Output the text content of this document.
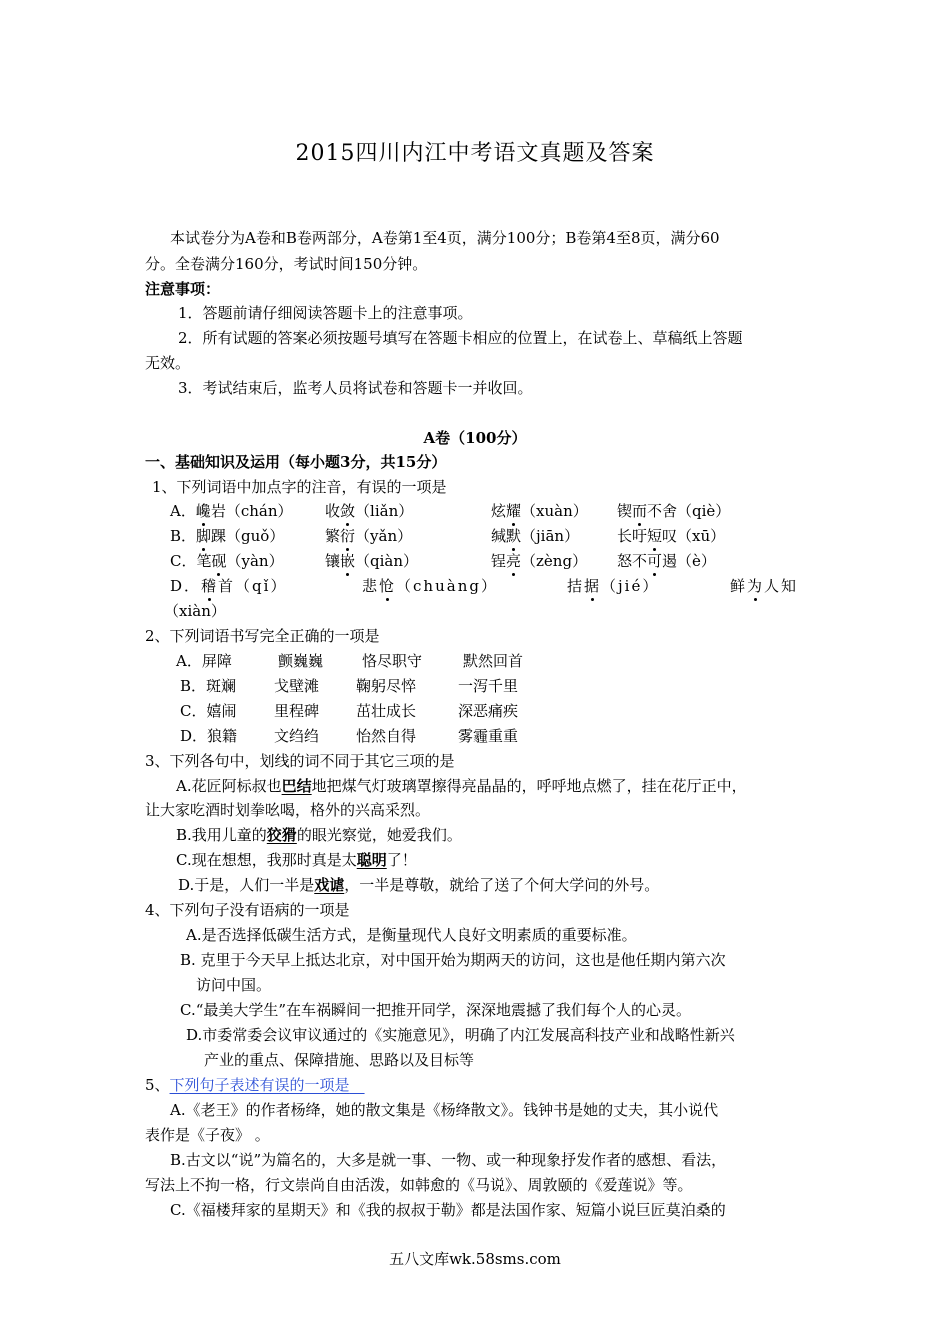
2015四川内江中考语文真题及答案
本试卷分为A卷和B卷两部分，A卷第1至4页，满分100分；B卷第4至8页，满分60
分。全卷满分160分，考试时间150分钟。
注意事项：
1．答题前请仔细阅读答题卡上的注意事项。
2．所有试题的答案必须按题号填写在答题卡相应的位置上，在试卷上、草稿纸上答题
无效。
3．考试结束后，监考人员将试卷和答题卡一并收回。
A卷（100分）
一、基础知识及运用（每小题3分，共15分）
1、下列词语中加点字的注音，有误的一项是
A．巉岩（chán） 收敛（liǎn）	炫耀（xuàn） 锲而不舍（qiè）
B．脚踝（guǒ）	繁衍（yǎn）	缄默（jiān）	长吁短叹（xū）
C．笔砚（yàn）	镶嵌（qiàn）	锃亮（zèng） 怒不可遏（è）
D．稽首（qǐ）	悲怆（chuàng）	拮据（jié）	鲜为人知
（xiàn）
2、下列词语书写完全正确的一项是
A．屏障	颤巍巍	恪尽职守	默然回首
B．斑斓	戈壁滩 鞠躬尽悴	一泻千里
C．嬉闹	里程碑 茁壮成长	深恶痛疾
D．狼籍 文绉绉 怡然自得	雾霾重重
3、下列各句中，划线的词不同于其它三项的是
A.花匠阿标叔也巴结地把煤气灯玻璃罩擦得亮晶晶的，呼呼地点燃了，挂在花厅正中，
让大家吃酒时划拳吆喝，格外的兴高采烈。
B.我用儿童的狡猾的眼光察觉，她爱我们。
C.现在想想，我那时真是太聪明了！
D.于是，人们一半是戏谑，一半是尊敬，就给了送了个何大学问的外号。
4、下列句子没有语病的一项是
A.是否选择低碳生活方式，是衡量现代人良好文明素质的重要标准。
B. 克里于今天早上抵达北京，对中国开始为期两天的访问，这也是他任期内第六次
访问中国。
C.“最美大学生”在车祸瞬间一把推开同学，深深地震撼了我们每个人的心灵。
D.市委常委会议审议通过的《实施意见》，明确了内江发展高科技产业和战略性新兴
产业的重点、保障措施、思路以及目标等
5、下列句子表述有误的一项是 
A.《老王》的作者杨绛，她的散文集是《杨绛散文》。钱钟书是她的丈夫，其小说代
表作是《子夜》 。
B.古文以“说”为篇名的，大多是就一事、一物、或一种现象抒发作者的感想、看法，
写法上不拘一格，行文崇尚自由活泼，如韩愈的《马说》、周敦颐的《爱莲说》等。
C.《福楼拜家的星期天》和《我的叔叔于勒》都是法国作家、短篇小说巨匠莫泊桑的
五八文库wk.58sms.com
